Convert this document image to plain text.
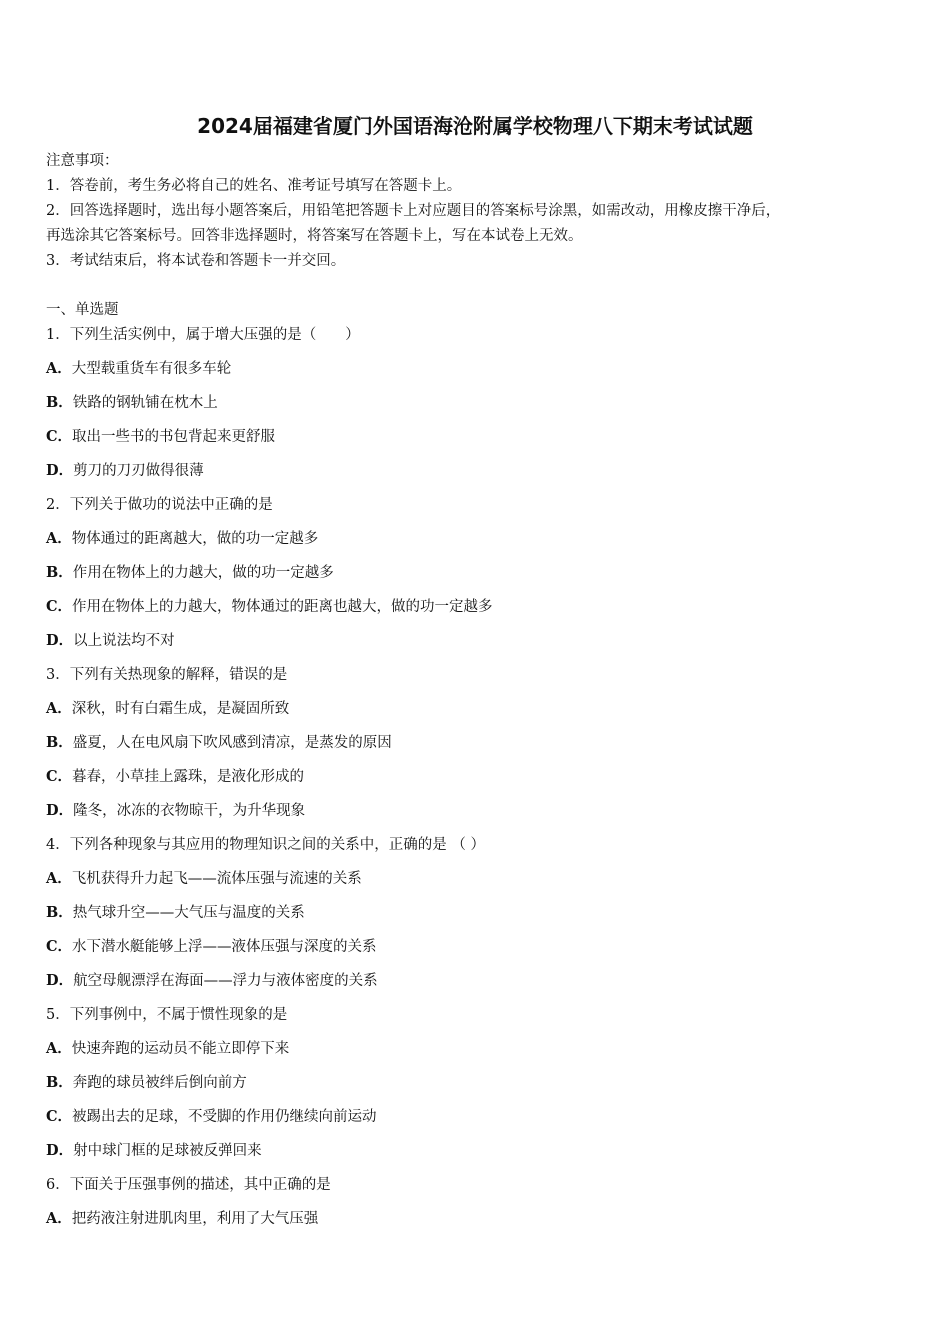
2024届福建省厦门外国语海沧附属学校物理八下期末考试试题
注意事项：
1．答卷前，考生务必将自己的姓名、准考证号填写在答题卡上。
2．回答选择题时，选出每小题答案后，用铅笔把答题卡上对应题目的答案标号涂黑，如需改动，用橡皮擦干净后，
再选涂其它答案标号。回答非选择题时，将答案写在答题卡上，写在本试卷上无效。
3．考试结束后，将本试卷和答题卡一并交回。
一、单选题
1．下列生活实例中，属于增大压强的是（　　）
A．大型载重货车有很多车轮
B．铁路的钢轨铺在枕木上
C．取出一些书的书包背起来更舒服
D．剪刀的刀刃做得很薄
2．下列关于做功的说法中正确的是
A．物体通过的距离越大，做的功一定越多
B．作用在物体上的力越大，做的功一定越多
C．作用在物体上的力越大，物体通过的距离也越大，做的功一定越多
D．以上说法均不对
3．下列有关热现象的解释，错误的是
A．深秋，时有白霜生成，是凝固所致
B．盛夏，人在电风扇下吹风感到清凉，是蒸发的原因
C．暮春，小草挂上露珠，是液化形成的
D．隆冬，冰冻的衣物晾干，为升华现象
4．下列各种现象与其应用的物理知识之间的关系中，正确的是 （ ）
A．飞机获得升力起飞——流体压强与流速的关系
B．热气球升空——大气压与温度的关系
C．水下潜水艇能够上浮——液体压强与深度的关系
D．航空母舰漂浮在海面——浮力与液体密度的关系
5．下列事例中，不属于惯性现象的是
A．快速奔跑的运动员不能立即停下来
B．奔跑的球员被绊后倒向前方
C．被踢出去的足球，不受脚的作用仍继续向前运动
D．射中球门框的足球被反弹回来
6．下面关于压强事例的描述，其中正确的是
A．把药液注射进肌肉里，利用了大气压强
